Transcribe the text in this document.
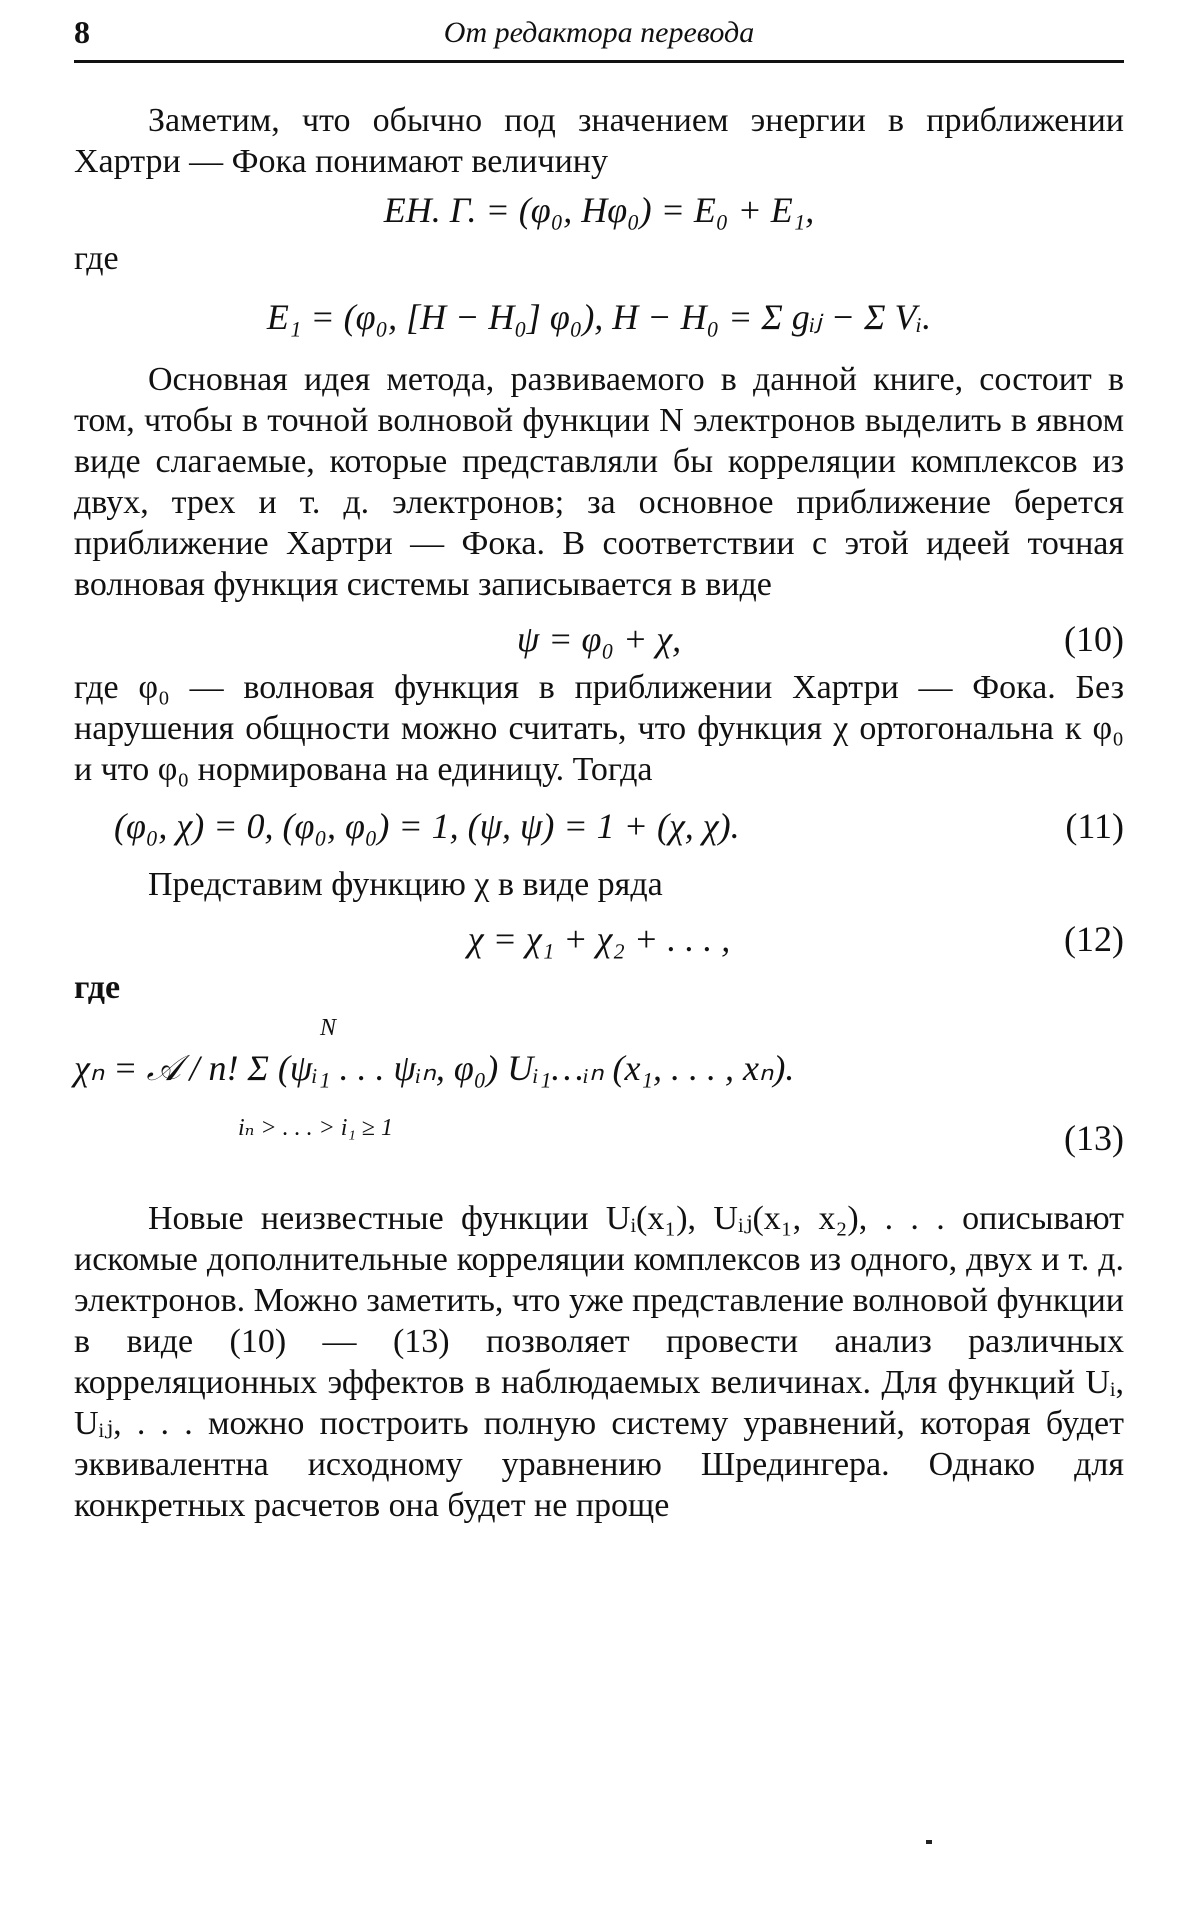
8	От редактора перевода

Заметим, что обычно под значением энергии в приближении Хартри — Фока понимают величину

EН. Г. = (φ₀, Hφ₀) = E₀ + E₁,

где

E₁ = (φ₀, [H − H₀] φ₀), H − H₀ = Σ gᵢⱼ − Σ Vᵢ.

Основная идея метода, развиваемого в данной книге, состоит в том, чтобы в точной волновой функции N электронов выделить в явном виде слагаемые, которые представляли бы корреляции комплексов из двух, трех и т. д. электронов; за основное приближение берется приближение Хартри — Фока. В соответствии с этой идеей точная волновая функция системы записывается в виде

ψ = φ₀ + χ,	(10)

где φ₀ — волновая функция в приближении Хартри — Фока. Без нарушения общности можно считать, что функция χ ортогональна к φ₀ и что φ₀ нормирована на единицу. Тогда

(φ₀, χ) = 0, (φ₀, φ₀) = 1, (ψ, ψ) = 1 + (χ, χ).	(11)

Представим функцию χ в виде ряда

χ = χ₁ + χ₂ + . . . ,	(12)

где

N
χₙ = 𝒜 / n! Σ (ψᵢ₁ . . . ψᵢₙ, φ₀) Uᵢ₁…ᵢₙ (x₁, . . . , xₙ).
iₙ > . . . > i₁ ≥ 1	(13)

Новые неизвестные функции Uᵢ(x₁), Uᵢⱼ(x₁, x₂), . . . описывают искомые дополнительные корреляции комплексов из одного, двух и т. д. электронов. Можно заметить, что уже представление волновой функции в виде (10) — (13) позволяет провести анализ различных корреляционных эффектов в наблюдаемых величинах. Для функций Uᵢ, Uᵢⱼ, . . . можно построить полную систему уравнений, которая будет эквивалентна исходному уравнению Шредингера. Однако для конкретных расчетов она будет не проще
